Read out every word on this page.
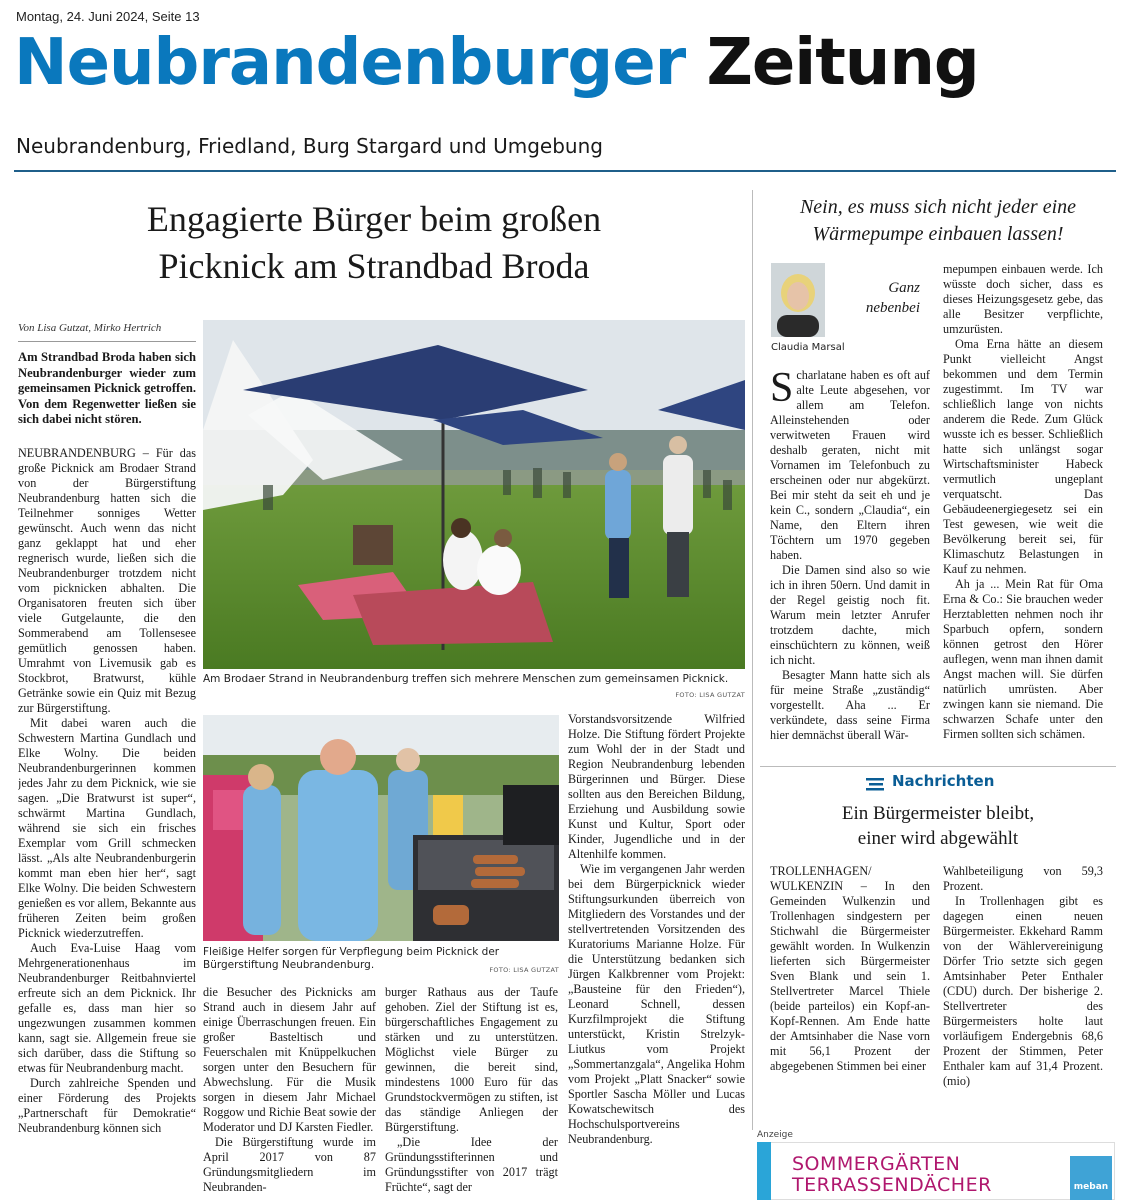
Montag, 24. Juni 2024, Seite 13
Neubrandenburger Zeitung
Neubrandenburg, Friedland, Burg Stargard und Umgebung
Engagierte Bürger beim großen
Picknick am Strandbad Broda
Von Lisa Gutzat, Mirko Hertrich

Am Strandbad Broda haben sich Neubrandenburger wieder zum gemeinsamen Picknick getroffen. Von dem Regenwetter ließen sie sich dabei nicht stören.

NEUBRANDENBURG – Für das große Picknick am Brodaer Strand von der Bürgerstiftung Neubrandenburg hatten sich die Teilnehmer sonniges Wetter gewünscht. Auch wenn das nicht ganz geklappt hat und eher regnerisch wurde, ließen sich die Neubrandenburger trotzdem nicht vom picknicken abhalten. Die Organisatoren freuten sich über viele Gutgelaunte, die den Sommerabend am Tollensesee gemütlich genossen haben. Umrahmt von Livemusik gab es Stockbrot, Bratwurst, kühle Getränke sowie ein Quiz mit Bezug zur Bürgerstiftung.

Mit dabei waren auch die Schwestern Martina Gundlach und Elke Wolny. Die beiden Neubrandenburgerinnen kommen jedes Jahr zu dem Picknick, wie sie sagen. „Die Bratwurst ist super“, schwärmt Martina Gundlach, während sie sich ein frisches Exemplar vom Grill schmecken lässt. „Als alte Neubrandenburgerin kommt man eben hier her“, sagt Elke Wolny. Die beiden Schwestern genießen es vor allem, Bekannte aus früheren Zeiten beim großen Picknick wiederzutreffen.

Auch Eva-Luise Haag vom Mehrgenerationenhaus im Neubrandenburger Reitbahnviertel erfreute sich an dem Picknick. Ihr gefalle es, dass man hier so ungezwungen zusammen kommen kann, sagt sie. Allgemein freue sie sich darüber, dass die Stiftung so etwas für Neubrandenburg macht.

Durch zahlreiche Spenden und einer Förderung des Projekts „Partnerschaft für Demokratie“ Neubrandenburg können sich

Am Brodaer Strand in Neubrandenburg treffen sich mehrere Menschen zum gemeinsamen Picknick.
FOTO: LISA GUTZAT
Fleißige Helfer sorgen für Verpflegung beim Picknick der Bürgerstiftung Neubrandenburg.	FOTO: LISA GUTZAT

die Besucher des Picknicks am Strand auch in diesem Jahr auf einige Überraschungen freuen. Ein großer Basteltisch und Feuerschalen mit Knüppelkuchen sorgen unter den Besuchern für Abwechslung. Für die Musik sorgen in diesem Jahr Michael Roggow und Richie Beat sowie der Moderator und DJ Karsten Fiedler.

Die Bürgerstiftung wurde im April 2017 von 87 Gründungsmitgliedern im Neubranden-

burger Rathaus aus der Taufe gehoben. Ziel der Stiftung ist es, bürgerschaftliches Engagement zu stärken und zu unterstützen. Möglichst viele Bürger zu gewinnen, die bereit sind, mindestens 1000 Euro für das Grundstockvermögen zu stiften, ist das ständige Anliegen der Bürgerstiftung.

„Die Idee der Gründungsstifterinnen und Gründungsstifter von 2017 trägt Früchte“, sagt der

Vorstandsvorsitzende Wilfried Holze. Die Stiftung fördert Projekte zum Wohl der in der Stadt und Region Neubrandenburg lebenden Bürgerinnen und Bürger. Diese sollten aus den Bereichen Bildung, Erziehung und Ausbildung sowie Kunst und Kultur, Sport oder Kinder, Jugendliche und in der Altenhilfe kommen.

Wie im vergangenen Jahr werden bei dem Bürgerpicknick wieder Stiftungsurkunden überreich von Mitgliedern des Vorstandes und der stellvertretenden Vorsitzenden des Kuratoriums Marianne Holze. Für die Unterstützung bedanken sich Jürgen Kalkbrenner vom Projekt: „Bausteine für den Frieden“), Leonard Schnell, dessen Kurzfilmprojekt die Stiftung unterstückt, Kristin Strelzyk-Liutkus vom Projekt „Sommertanzgala“, Angelika Hohm vom Projekt „Platt Snacker“ sowie Sportler Sascha Möller und Lucas Kowatschewitsch des Hochschulsportvereins Neubrandenburg.

Nein, es muss sich nicht jeder eine
Wärmepumpe einbauen lassen!
Ganz
nebenbei
Claudia Marsal

Scharlatane haben es oft auf alte Leute abgesehen, vor allem am Telefon. Alleinstehenden oder verwitweten Frauen wird deshalb geraten, nicht mit Vornamen im Telefonbuch zu erscheinen oder nur abgekürzt. Bei mir steht da seit eh und je kein C., sondern „Claudia“, ein Name, den Eltern ihren Töchtern um 1970 gegeben haben.

Die Damen sind also so wie ich in ihren 50ern. Und damit in der Regel geistig noch fit. Warum mein letzter Anrufer trotzdem dachte, mich einschüchtern zu können, weiß ich nicht.

Besagter Mann hatte sich als für meine Straße „zuständig“ vorgestellt. Aha ... Er verkündete, dass seine Firma hier demnächst überall Wär-

mepumpen einbauen werde. Ich wüsste doch sicher, dass es dieses Heizungsgesetz gebe, das alle Besitzer verpflichte, umzurüsten.

Oma Erna hätte an diesem Punkt vielleicht Angst bekommen und dem Termin zugestimmt. Im TV war schließlich lange von nichts anderem die Rede. Zum Glück wusste ich es besser. Schließlich hatte sich unlängst sogar Wirtschaftsminister Habeck vermutlich ungeplant verquatscht. Das Gebäudeenergiegesetz sei ein Test gewesen, wie weit die Bevölkerung bereit sei, für Klimaschutz Belastungen in Kauf zu nehmen.

Ah ja ... Mein Rat für Oma Erna & Co.: Sie brauchen weder Herztabletten nehmen noch ihr Sparbuch opfern, sondern können getrost den Hörer auflegen, wenn man ihnen damit Angst machen will. Sie dürfen natürlich umrüsten. Aber zwingen kann sie niemand. Die schwarzen Schafe unter den Firmen sollten sich schämen.

Nachrichten
Ein Bürgermeister bleibt,
einer wird abgewählt

TROLLENHAGEN/ WULKENZIN – In den Gemeinden Wulkenzin und Trollenhagen sindgestern per Stichwahl die Bürgermeister gewählt worden. In Wulkenzin lieferten sich Bürgermeister Sven Blank und sein 1. Stellvertreter Marcel Thiele (beide parteilos) ein Kopf-an-Kopf-Rennen. Am Ende hatte der Amtsinhaber die Nase vorn mit 56,1 Prozent der abgegebenen Stimmen bei einer

Wahlbeteiligung von 59,3 Prozent.

In Trollenhagen gibt es dagegen einen neuen Bürgermeister. Ekkehard Ramm von der Wählervereinigung Dörfer Trio setzte sich gegen Amtsinhaber Peter Enthaler (CDU) durch. Der bisherige 2. Stellvertreter des Bürgermeisters holte laut vorläufigem Endergebnis 68,6 Prozent der Stimmen, Peter Enthaler kam auf 31,4 Prozent. (mio)

Anzeige
SOMMERGÄRTEN
TERRASSENDÄCHER	meban
